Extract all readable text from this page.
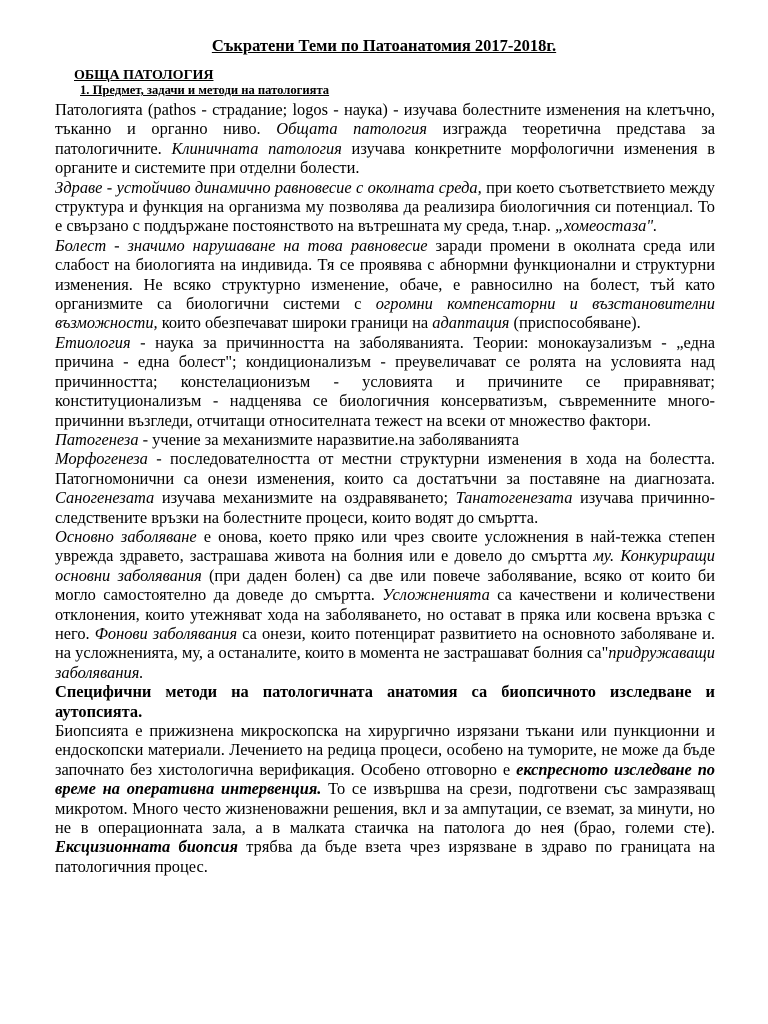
Съкратени Теми по Патоанатомия 2017-2018г.
ОБЩА ПАТОЛОГИЯ
1. Предмет, задачи и методи на патологията

Патологията (pathos - страдание; logos - наука) - изучава болестните изменения на клетъчно, тъканно и органно ниво. Общата патология изгражда теоретична представа за патологичните. Клиничната патология изучава конкретните морфологични изменения в органите и системите при отделни болести.

Здраве - устойчиво динамично равновесие с околната среда, при което съответствието между структура и функция на организма му позволява да реализира биологичния си потенциал. То е свързано с поддържане постоянството на вътрешната му среда, т.нар. „хомеостаза".

Болест - значимо нарушаване на това равновесие заради промени в околната среда или слабост на биологията на индивида. Тя се проявява с абнормни функционални и структурни изменения. Не всяко структурно изменение, обаче, е равносилно на болест, тъй като организмите са биологични системи с огромни компенсаторни и възстановителни възможности, които обезпечават широки граници на адаптация (приспособяване).

Етиология - наука за причинността на заболяванията. Теории: монокаузализъм - „една причина - една болест"; кондиционализъм - преувеличават се ролята на условията над причинността; констелационизъм - условията и причините се приравняват; конституционализъм - надценява се биологичния консерватизъм, съвременните много- причинни възгледи, отчитащи относителната тежест на всеки от множество фактори.

Патогенеза - учение за механизмите наразвитие.на заболяванията

Морфогенеза - последователността от местни структурни изменения в хода на болестта. Патогномонични са онези изменения, които са достатъчни за поставяне на диагнозата. Саногенезата изучава механизмите на оздравяването; Танатогенезата изучава причинно-следствените връзки на болестните процеси, които водят до смъртта.

Основно заболяване е онова, което пряко или чрез своите усложнения в най-тежка степен уврежда здравето, застрашава живота на болния или е довело до смъртта му. Конкуриращи основни заболявания (при даден болен) са две или повече заболявание, всяко от които би могло самостоятелно да доведе до смъртта. Усложненията са качествени и количествени отклонения, които утежняват хода на заболяването, но остават в пряка или косвена връзка с него. Фонови заболявания са онези, които потенцират развитието на основното заболяване и. на усложненията, му, а останалите, които в момента не застрашават болния са"придружаващи заболявания.

Специфични методи на патологичната анатомия са биопсичното изследване и аутопсията.

Биопсията е прижизнена микроскопска на хирургично изрязани тъкани или пункционни и ендоскопски материали. Лечението на редица процеси, особено на туморите, не може да бъде започнато без хистологична верификация. Особено отговорно е експресното изследване по време на оперативна интервенция. То се извършва на срези, подготвени със замразяващ микротом. Много често жизненоважни решения, вкл и за ампутации, се вземат, за минути, но не в операционната зала, а в малката стаичка на патолога до нея (браo, големи сте). Ексцизионната биопсия трябва да бъде взета чрез изрязване в здраво по границата на патологичния процес.
